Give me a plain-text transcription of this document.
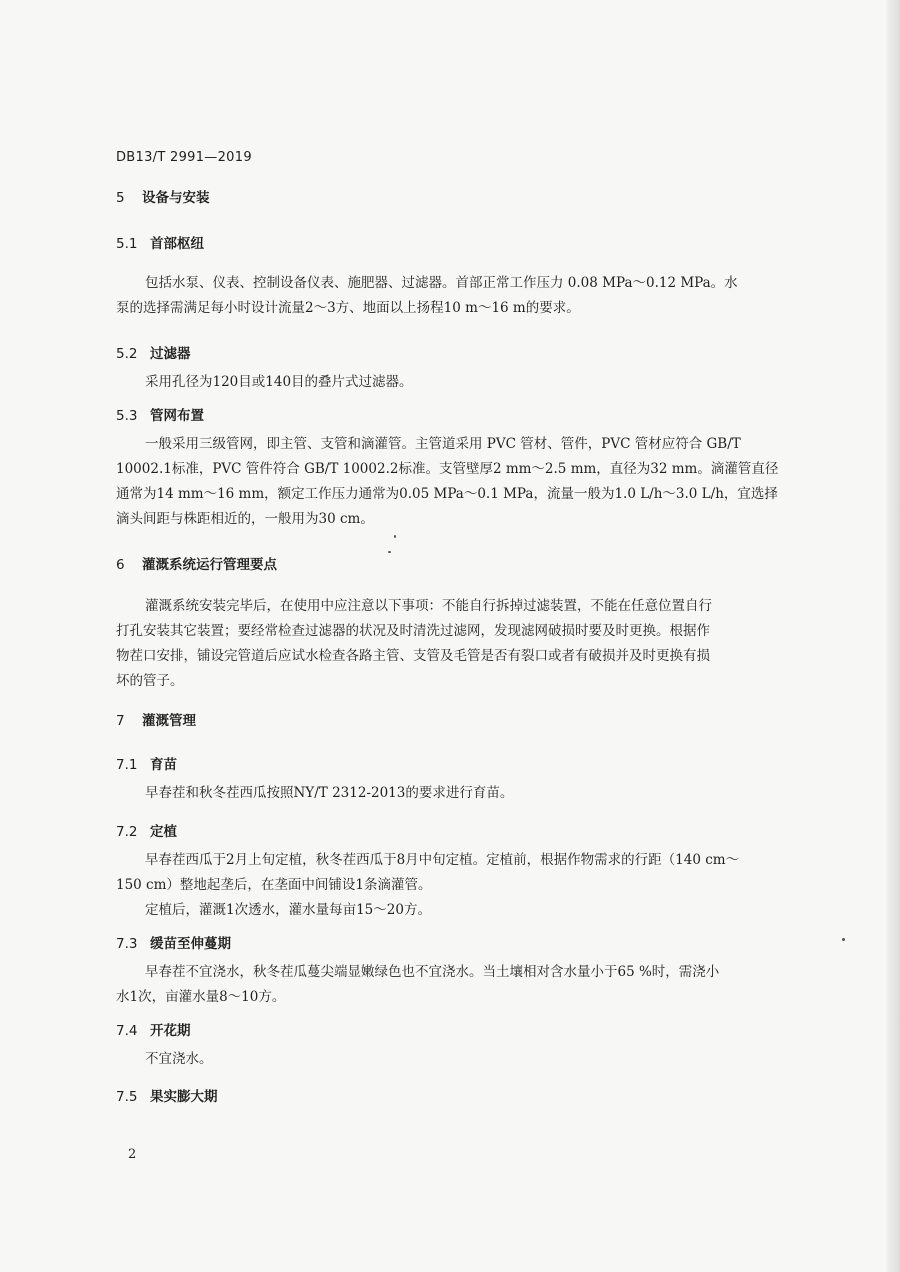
DB13/T 2991—2019
5 设备与安装
5.1 首部枢纽
包括水泵、仪表、控制设备仪表、施肥器、过滤器。首部正常工作压力 0.08 MPa～0.12 MPa。水
泵的选择需满足每小时设计流量2～3方、地面以上扬程10 m～16 m的要求。
5.2 过滤器
采用孔径为120目或140目的叠片式过滤器。
5.3 管网布置
一般采用三级管网，即主管、支管和滴灌管。主管道采用 PVC 管材、管件，PVC 管材应符合 GB/T
10002.1标准，PVC 管件符合 GB/T 10002.2标准。支管壁厚2 mm～2.5 mm，直径为32 mm。滴灌管直径
通常为14 mm～16 mm，额定工作压力通常为0.05 MPa～0.1 MPa，流量一般为1.0 L/h～3.0 L/h，宜选择
滴头间距与株距相近的，一般用为30 cm。
6 灌溉系统运行管理要点
灌溉系统安装完毕后，在使用中应注意以下事项：不能自行拆掉过滤装置，不能在任意位置自行
打孔安装其它装置；要经常检查过滤器的状况及时清洗过滤网，发现滤网破损时要及时更换。根据作
物茬口安排，铺设完管道后应试水检查各路主管、支管及毛管是否有裂口或者有破损并及时更换有损
坏的管子。
7 灌溉管理
7.1 育苗
早春茬和秋冬茬西瓜按照NY/T 2312-2013的要求进行育苗。
7.2 定植
早春茬西瓜于2月上旬定植，秋冬茬西瓜于8月中旬定植。定植前，根据作物需求的行距（140 cm～
150 cm）整地起垄后，在垄面中间铺设1条滴灌管。
定植后，灌溉1次透水，灌水量每亩15～20方。
7.3 缓苗至伸蔓期
早春茬不宜浇水，秋冬茬瓜蔓尖端显嫩绿色也不宜浇水。当土壤相对含水量小于65 %时，需浇小
水1次，亩灌水量8～10方。
7.4 开花期
不宜浇水。
7.5 果实膨大期
2
